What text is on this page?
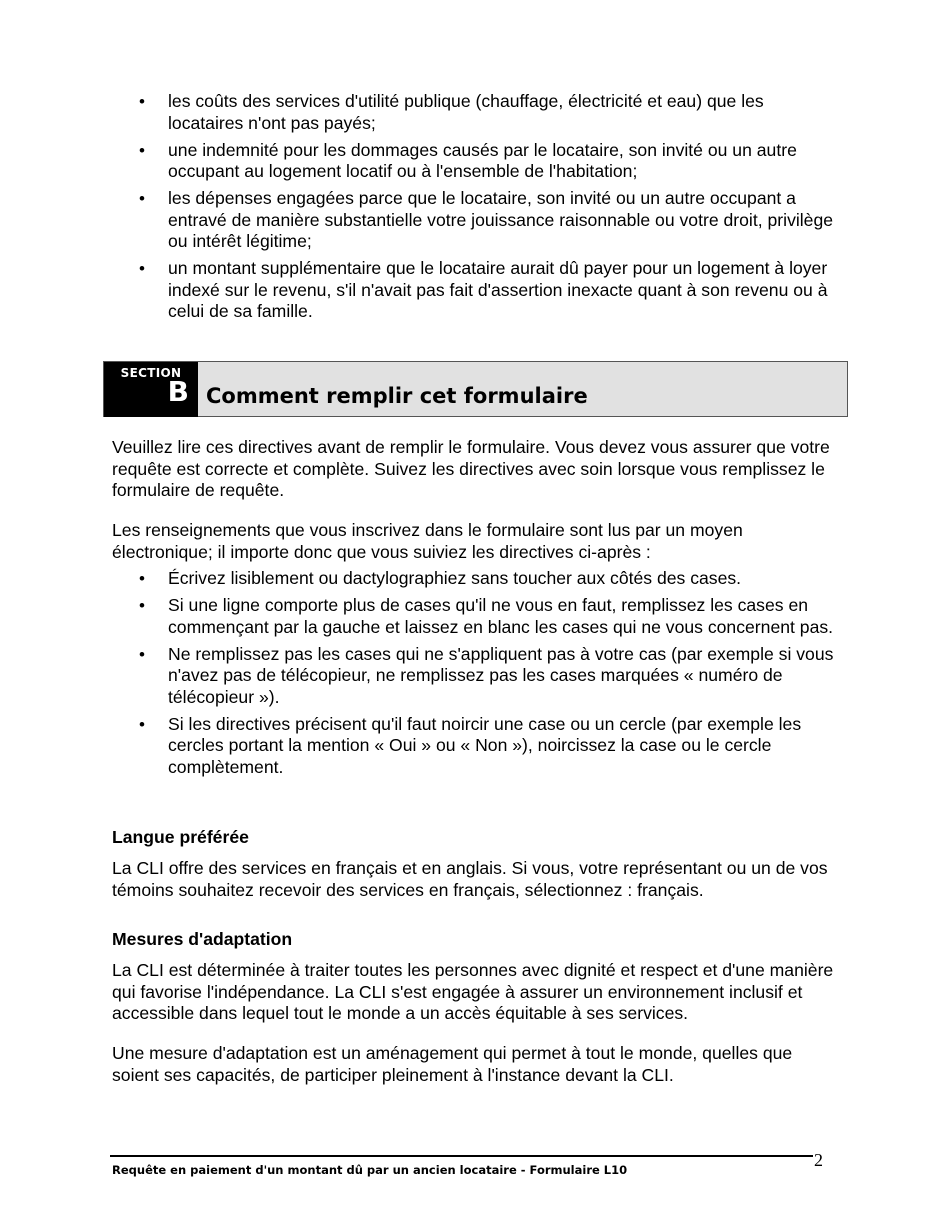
• les coûts des services d'utilité publique (chauffage, électricité et eau) que les locataires n'ont pas payés;
• une indemnité pour les dommages causés par le locataire, son invité ou un autre occupant au logement locatif ou à l'ensemble de l'habitation;
• les dépenses engagées parce que le locataire, son invité ou un autre occupant a entravé de manière substantielle votre jouissance raisonnable ou votre droit, privilège ou intérêt légitime;
• un montant supplémentaire que le locataire aurait dû payer pour un logement à loyer indexé sur le revenu, s'il n'avait pas fait d'assertion inexacte quant à son revenu ou à celui de sa famille.
SECTION
B Comment remplir cet formulaire

Veuillez lire ces directives avant de remplir le formulaire. Vous devez vous assurer que votre requête est correcte et complète. Suivez les directives avec soin lorsque vous remplissez le formulaire de requête.

Les renseignements que vous inscrivez dans le formulaire sont lus par un moyen électronique; il importe donc que vous suiviez les directives ci-après :

• Écrivez lisiblement ou dactylographiez sans toucher aux côtés des cases.
• Si une ligne comporte plus de cases qu'il ne vous en faut, remplissez les cases en commençant par la gauche et laissez en blanc les cases qui ne vous concernent pas.
• Ne remplissez pas les cases qui ne s'appliquent pas à votre cas (par exemple si vous n'avez pas de télécopieur, ne remplissez pas les cases marquées « numéro de télécopieur »).
• Si les directives précisent qu'il faut noircir une case ou un cercle (par exemple les cercles portant la mention « Oui » ou « Non »), noircissez la case ou le cercle complètement.
Langue préférée

La CLI offre des services en français et en anglais. Si vous, votre représentant ou un de vos témoins souhaitez recevoir des services en français, sélectionnez : français.

Mesures d'adaptation

La CLI est déterminée à traiter toutes les personnes avec dignité et respect et d'une manière qui favorise l'indépendance. La CLI s'est engagée à assurer un environnement inclusif et accessible dans lequel tout le monde a un accès équitable à ses services.

Une mesure d'adaptation est un aménagement qui permet à tout le monde, quelles que soient ses capacités, de participer pleinement à l'instance devant la CLI.

2
Requête en paiement d'un montant dû par un ancien locataire - Formulaire L10
